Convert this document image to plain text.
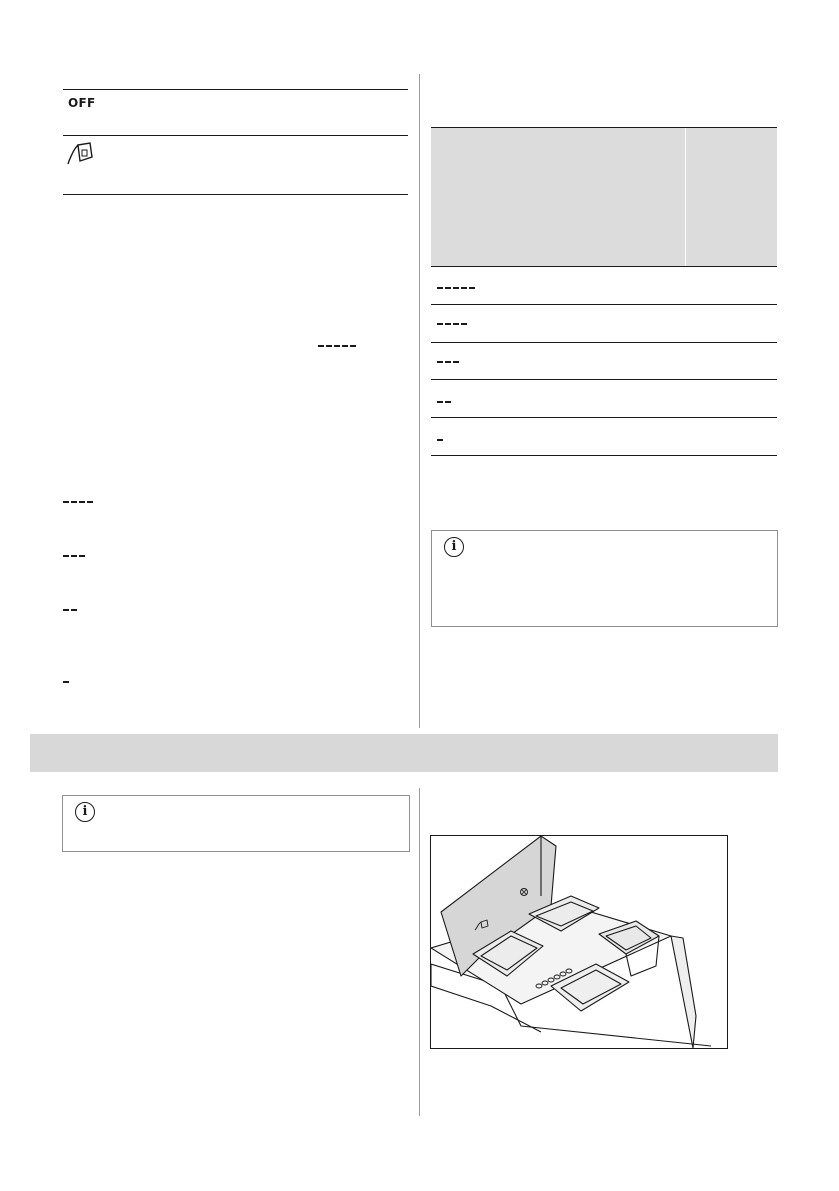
OFF
i
i
